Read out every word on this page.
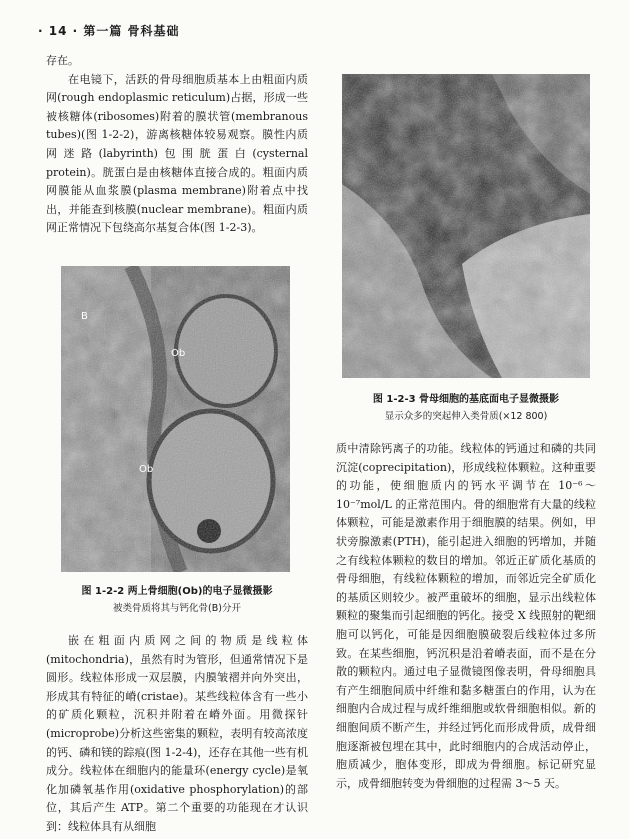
· 14 · 第一篇 骨科基础

存在。

在电镜下，活跃的骨母细胞质基本上由粗面内质网(rough endoplasmic reticulum)占据，形成一些被核糖体(ribosomes)附着的膜状管(membranous tubes)(图 1-2-2)，游离核糖体较易观察。膜性内质网迷路(labyrinth)包围胱蛋白(cysternal protein)。胱蛋白是由核糖体直接合成的。粗面内质网膜能从血浆膜(plasma membrane)附着点中找出，并能查到核膜(nuclear membrane)。粗面内质网正常情况下包绕高尔基复合体(图 1-2-3)。

B
Ob
Ob
图 1-2-2 两上骨细胞(Ob)的电子显微摄影
被类骨质将其与钙化骨(B)分开

嵌在粗面内质网之间的物质是线粒体(mitochondria)，虽然有时为管形，但通常情况下是圆形。线粒体形成一双层膜，内膜皱褶并向外突出，形成其有特征的嵴(cristae)。某些线粒体含有一些小的矿质化颗粒，沉积并附着在嵴外面。用微探针(microprobe)分析这些密集的颗粒，表明有较高浓度的钙、磷和镁的踪痕(图 1-2-4)，还存在其他一些有机成分。线粒体在细胞内的能量环(energy cycle)是氧化加磷氧基作用(oxidative phosphorylation)的部位，其后产生 ATP。第二个重要的功能现在才认识到：线粒体具有从细胞

图 1-2-3 骨母细胞的基底面电子显微摄影
显示众多的突起伸入类骨质(×12 800)

质中清除钙离子的功能。线粒体的钙通过和磷的共同沉淀(coprecipitation)，形成线粒体颗粒。这种重要的功能，使细胞质内的钙水平调节在 10⁻⁶～10⁻⁷mol/L 的正常范围内。骨的细胞常有大量的线粒体颗粒，可能是激素作用于细胞膜的结果。例如，甲状旁腺激素(PTH)，能引起进入细胞的钙增加，并随之有线粒体颗粒的数目的增加。邻近正矿质化基质的骨母细胞，有线粒体颗粒的增加，而邻近完全矿质化的基质区则较少。被严重破坏的细胞，显示出线粒体颗粒的聚集而引起细胞的钙化。接受 X 线照射的靶细胞可以钙化，可能是因细胞膜破裂后线粒体过多所致。在某些细胞，钙沉积是沿着嵴表面，而不是在分散的颗粒内。通过电子显微镜图像表明，骨母细胞具有产生细胞间质中纤维和黏多糖蛋白的作用，认为在细胞内合成过程与成纤维细胞或软骨细胞相似。新的细胞间质不断产生，并经过钙化而形成骨质，成骨细胞逐渐被包埋在其中，此时细胞内的合成活动停止，胞质减少，胞体变形，即成为骨细胞。标记研究显示，成骨细胞转变为骨细胞的过程需 3～5 天。
